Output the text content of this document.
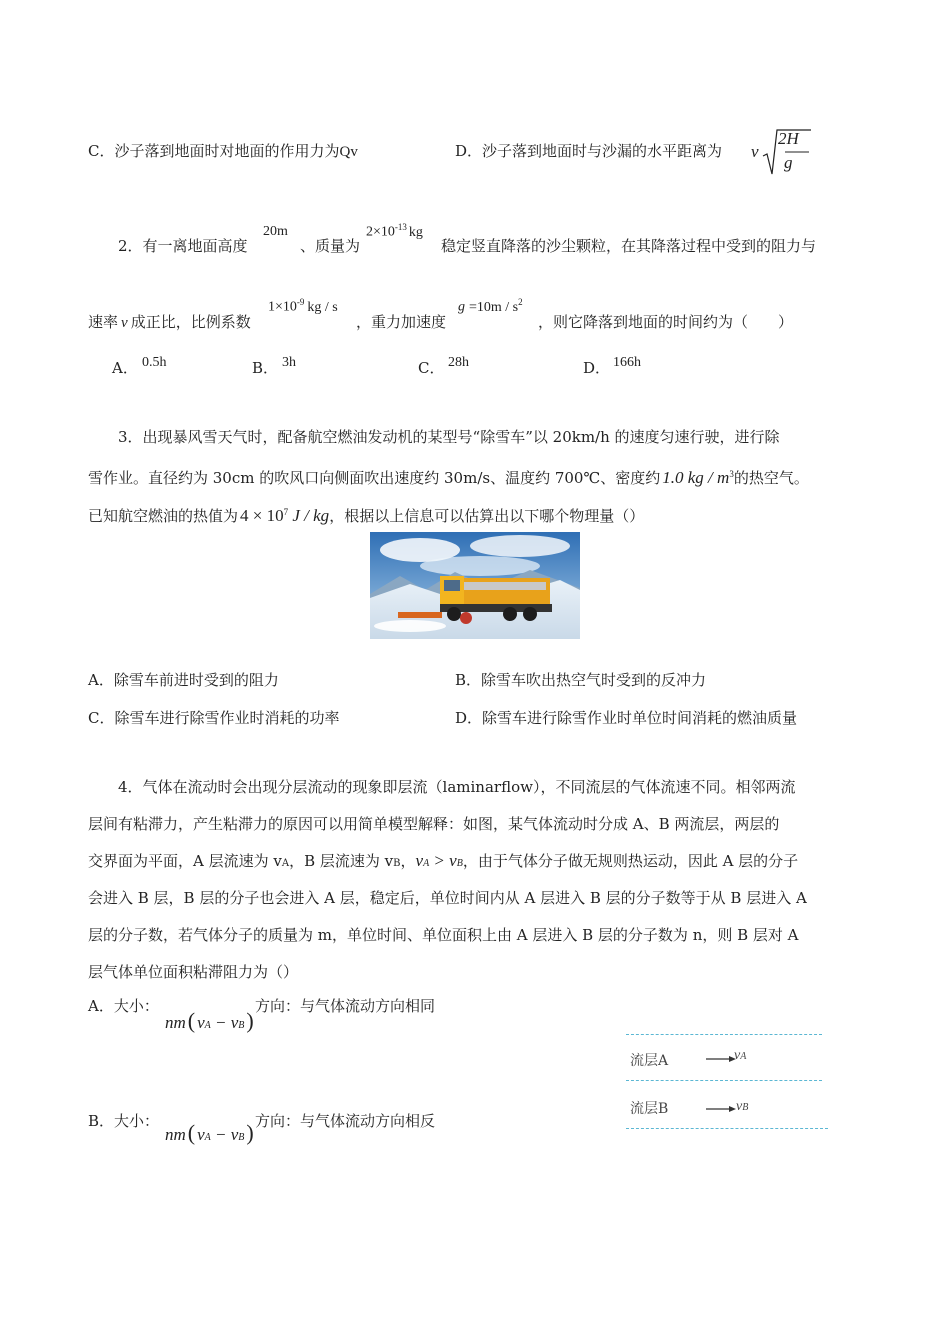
C．沙子落到地面时对地面的作用力为Qv	D．沙子落到地面时与沙漏的水平距离为 v
2H
g
2．有一离地面高度
20m
、质量为
$2\times 10^{-13}$ kg
稳定竖直降落的沙尘颗粒，在其降落过程中受到的阻力与
速率 v 成正比，比例系数
$1\times 10^{-9}$ kg / s
，重力加速度
$g =10m / s^2$
，则它降落到地面的时间约为（　　）
A． 0.5h	B． 3h	C． 28h	D． 166h
3．出现暴风雪天气时，配备航空燃油发动机的某型号“除雪车”以 20km/h 的速度匀速行驶，进行除
雪作业。直径约为 30cm 的吹风口向侧面吹出速度约 30m/s、温度约 700℃、密度约 1.0 kg / $m^3$的热空气。
已知航空燃油的热值为 $4 \times 10^7$ J / kg，根据以上信息可以估算出以下哪个物理量（）
A．除雪车前进时受到的阻力	B．除雪车吹出热空气时受到的反冲力
C．除雪车进行除雪作业时消耗的功率	D．除雪车进行除雪作业时单位时间消耗的燃油质量
4．气体在流动时会出现分层流动的现象即层流（laminarflow），不同流层的气体流速不同。相邻两流
层间有粘滞力，产生粘滞力的原因可以用简单模型解释：如图，某气体流动时分成 A、B 两流层，两层的
交界面为平面，A 层流速为 vA，B 层流速为 vB，vA > vB，由于气体分子做无规则热运动，因此 A 层的分子
会进入 B 层，B 层的分子也会进入 A 层，稳定后，单位时间内从 A 层进入 B 层的分子数等于从 B 层进入 A
层的分子数，若气体分子的质量为 m，单位时间、单位面积上由 A 层进入 B 层的分子数为 n，则 B 层对 A
层气体单位面积粘滞阻力为（）
A．大小：
nm( vA − vB)
方向：与气体流动方向相同
B．大小：
nm( vA − vB) 方向：与气体流动方向相反
流层A	vA
流层B	vB
